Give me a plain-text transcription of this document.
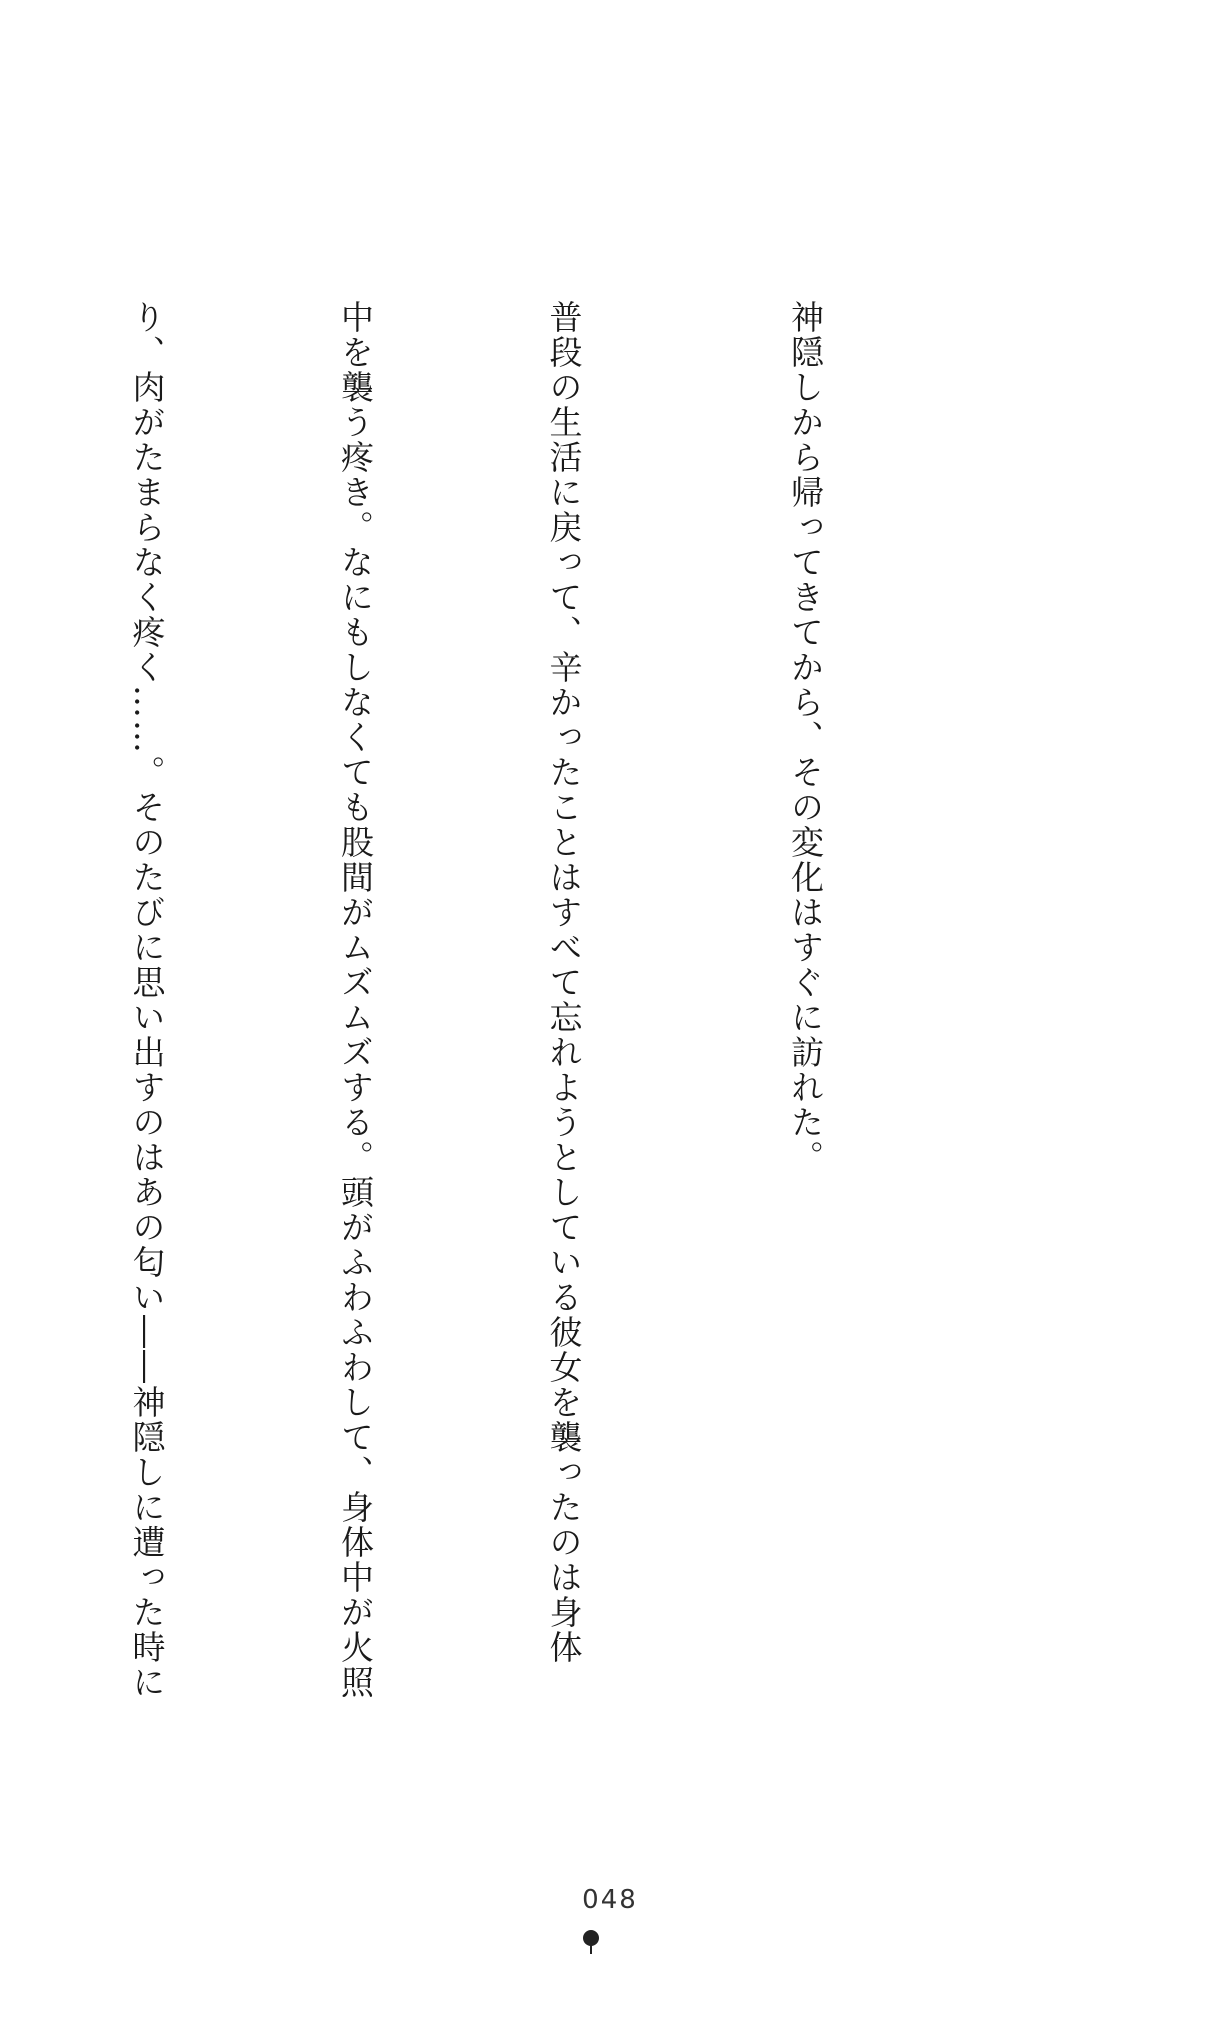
神隠しから帰ってきてから、その変化はすぐに訪れた。

普段の生活に戻って、辛かったことはすべて忘れようとしている彼女を襲ったのは身体

中を襲う疼き。なにもしなくても股間がムズムズする。頭がふわふわして、身体中が火照

り、肉がたまらなく疼く……。そのたびに思い出すのはあの匂い――神隠しに遭った時に

048
